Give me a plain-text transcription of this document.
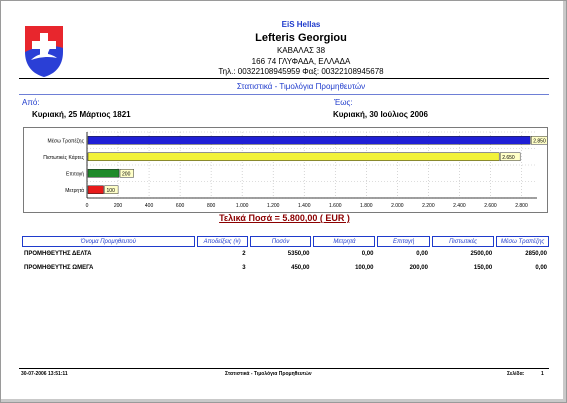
EiS Hellas
Lefteris Georgiou
ΚΑΒΑΛΑΣ 38
166 74 ΓΛΥΦΑΔΑ, ΕΛΛΑΔΑ
Τηλ.: 00322108945959 Φαξ: 00322108945678
Στατιστικά - Τιμολόγια Προμηθευτών
Από:
Κυριακή, 25 Μάρτιος 1821
Έως:
Κυριακή, 30 Ιούλιος 2006
0	200	400	600	800	1.000	1.200	1.400	1.600	1.800	2.000	2.200	2.400	2.600	2.800
Μέσω Τραπέζης	2.850
Πιστωτικές Κάρτες	2.650
Επιταγή	200
Μετρητά	100
Τελικά Ποσά = 5.800,00 ( EUR )
Όνομα Προμηθευτού	Αποδείξεις (#)	Ποσόν	Μετρητά	Επιταγή	Πιστωτικές	Μέσω Τραπέζης
ΠΡΟΜΗΘΕΥΤΗΣ ΔΕΛΤΑ	2	5350,00	0,00	0,00	2500,00	2850,00
ΠΡΟΜΗΘΕΥΤΗΣ ΩΜΕΓΑ	3	450,00	100,00	200,00	150,00	0,00
30-07-2006 13:51:11	Στατιστικά - Τιμολόγια Προμηθευτών	Σελίδα:	1
